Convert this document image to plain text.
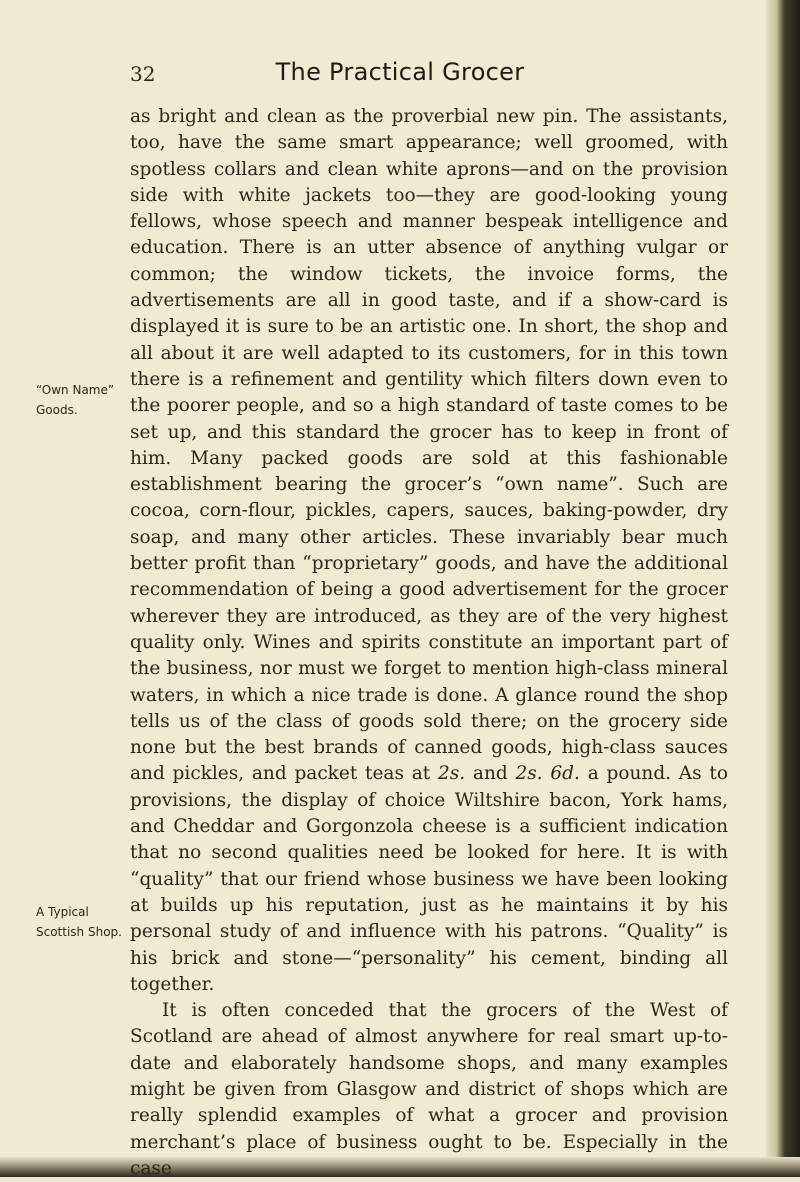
32	The Practical Grocer
“Own Name”
Goods.
A Typical
Scottish Shop.

as bright and clean as the proverbial new pin. The assistants, too, have the same smart appearance; well groomed, with spotless collars and clean white aprons—and on the provision side with white jackets too—they are good-looking young fellows, whose speech and manner bespeak intelligence and education. There is an utter absence of anything vulgar or common; the window tickets, the invoice forms, the advertisements are all in good taste, and if a show-card is displayed it is sure to be an artistic one. In short, the shop and all about it are well adapted to its customers, for in this town there is a refinement and gentility which filters down even to the poorer people, and so a high standard of taste comes to be set up, and this standard the grocer has to keep in front of him. Many packed goods are sold at this fashionable establishment bearing the grocer’s “own name”. Such are cocoa, corn-flour, pickles, capers, sauces, baking-powder, dry soap, and many other articles. These invariably bear much better profit than “proprietary” goods, and have the additional recommendation of being a good advertisement for the grocer wherever they are introduced, as they are of the very highest quality only. Wines and spirits constitute an important part of the business, nor must we forget to mention high-class mineral waters, in which a nice trade is done. A glance round the shop tells us of the class of goods sold there; on the grocery side none but the best brands of canned goods, high-class sauces and pickles, and packet teas at 2s. and 2s. 6d. a pound. As to provisions, the display of choice Wiltshire bacon, York hams, and Cheddar and Gorgonzola cheese is a sufficient indication that no second qualities need be looked for here. It is with “quality” that our friend whose business we have been looking at builds up his reputation, just as he maintains it by his personal study of and influence with his patrons. “Quality” is his brick and stone—“personality” his cement, binding all together.

It is often conceded that the grocers of the West of Scotland are ahead of almost anywhere for real smart up-to-date and elaborately handsome shops, and many examples might be given from Glasgow and district of shops which are really splendid examples of what a grocer and provision merchant’s place of business ought to be. Especially in the case
